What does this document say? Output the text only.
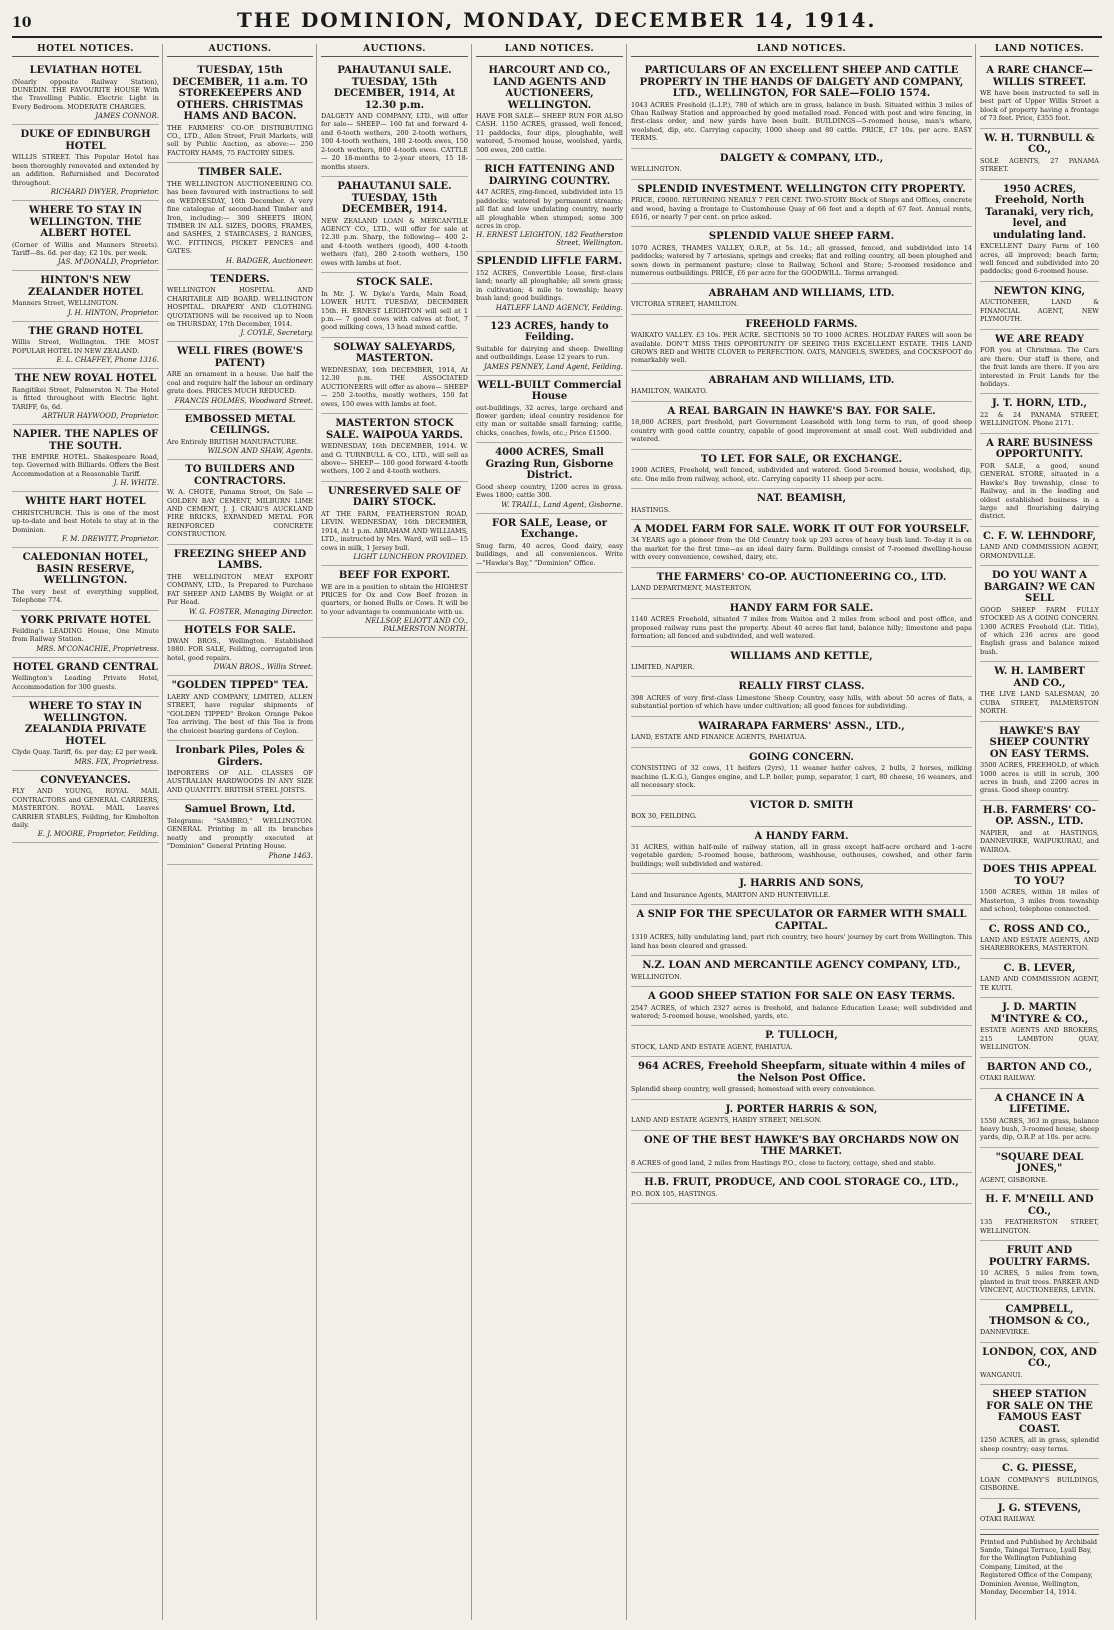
10	THE DOMINION, MONDAY, DECEMBER 14, 1914.
HOTEL NOTICES.
LEVIATHAN HOTEL

(Nearly opposite Railway Station), DUNEDIN. THE FAVOURITE HOUSE With the Travelling Public. Electric Light in Every Bedroom. MODERATE CHARGES.

JAMES CONNOR.
DUKE OF EDINBURGH HOTEL

WILLIS STREET. This Popular Hotel has been thoroughly renovated and extended by an addition. Refurnished and Decorated throughout.

RICHARD DWYER, Proprietor.
WHERE TO STAY IN WELLINGTON. THE ALBERT HOTEL

(Corner of Willis and Manners Streets). Tariff—8s. 6d. per day; £2 10s. per week.

JAS. M'DONALD, Proprietor.
HINTON'S NEW ZEALANDER HOTEL

Manners Street, WELLINGTON.

J. H. HINTON, Proprietor.
THE GRAND HOTEL

Willis Street, Wellington. THE MOST POPULAR HOTEL IN NEW ZEALAND.

E. L. CHAFFEY, Phone 1316.
THE NEW ROYAL HOTEL

Rangitikei Street, Palmerston N. The Hotel is fitted throughout with Electric light. TARIFF, 6s, 6d.

ARTHUR HAYWOOD, Proprietor.
NAPIER. THE NAPLES OF THE SOUTH.

THE EMPIRE HOTEL. Shakespeare Road, top. Governed with Billiards. Offers the Best Accommodation at a Reasonable Tariff.

J. H. WHITE.
WHITE HART HOTEL

CHRISTCHURCH. This is one of the most up-to-date and best Hotels to stay at in the Dominion.

F. M. DREWITT, Proprietor.
CALEDONIAN HOTEL, BASIN RESERVE, WELLINGTON.

The very best of everything supplied, Telephone 774.

YORK PRIVATE HOTEL

Feilding's LEADING House, One Minute from Railway Station.

MRS. M'CONACHIE, Proprietress.
HOTEL GRAND CENTRAL

Wellington's Leading Private Hotel, Accommodation for 300 guests.

WHERE TO STAY IN WELLINGTON. ZEALANDIA PRIVATE HOTEL

Clyde Quay. Tariff, 6s. per day; £2 per week.

MRS. FIX, Proprietress.
CONVEYANCES.

FLY AND YOUNG, ROYAL MAIL CONTRACTORS and GENERAL CARRIERS, MASTERTON. ROYAL MAIL Leaves CARRIER STABLES, Feilding, for Kimbolton daily.

E. J. MOORE, Proprietor, Feilding.
AUCTIONS.
TUESDAY, 15th DECEMBER, 11 a.m. TO STOREKEEPERS AND OTHERS. CHRISTMAS HAMS AND BACON.

THE FARMERS' CO-OP. DISTRIBUTING CO., LTD., Allen Street, Fruit Markets, will sell by Public Auction, as above:— 250 FACTORY HAMS, 75 FACTORY SIDES.

TIMBER SALE.

THE WELLINGTON AUCTIONEERING CO. has been favoured with instructions to sell on WEDNESDAY, 16th December. A very fine catalogue of second-hand Timber and Iron, including:— 300 SHEETS IRON, TIMBER IN ALL SIZES, DOORS, FRAMES, and SASHES, 2 STAIRCASES, 2 RANGES, W.C. FITTINGS, PICKET FENCES and GATES.

H. BADGER, Auctioneer.
TENDERS.

WELLINGTON HOSPITAL AND CHARITABLE AID BOARD. WELLINGTON HOSPITAL. DRAPERY AND CLOTHING. QUOTATIONS will be received up to Noon on THURSDAY, 17th December, 1914.

J. COYLE, Secretary.
WELL FIRES (BOWE'S PATENT)

ARE an ornament in a house. Use half the coal and require half the labour an ordinary grate does. PRICES MUCH REDUCED.

FRANCIS HOLMES, Woodward Street.
EMBOSSED METAL CEILINGS.

Are Entirely BRITISH MANUFACTURE.

WILSON AND SHAW, Agents.
TO BUILDERS AND CONTRACTORS.

W. A. CHOTE, Panama Street, On Sale — GOLDEN BAY CEMENT, MILBURN LIME AND CEMENT, J. J. CRAIG'S AUCKLAND FIRE BRICKS, EXPANDED METAL FOR REINFORCED CONCRETE CONSTRUCTION.

FREEZING SHEEP AND LAMBS.

THE WELLINGTON MEAT EXPORT COMPANY, LTD., Is Prepared to Purchase FAT SHEEP AND LAMBS By Weight or at Per Head.

W. G. FOSTER, Managing Director.
HOTELS FOR SALE.

DWAN BROS., Wellington. Established 1880. FOR SALE, Feilding, corrugated iron hotel, good repairs.

DWAN BROS., Willis Street.
"GOLDEN TIPPED" TEA.

LAERY AND COMPANY, LIMITED, ALLEN STREET, have regular shipments of "GOLDEN TIPPED" Broken Orange Pekoe Tea arriving. The best of this Tea is from the choicest bearing gardens of Ceylon.

Ironbark Piles, Poles & Girders.

IMPORTERS OF ALL CLASSES OF AUSTRALIAN HARDWOODS IN ANY SIZE AND QUANTITY. BRITISH STEEL JOISTS.

Samuel Brown, Ltd.

Telegrams: "SAMBRO," WELLINGTON. GENERAL Printing in all its branches neatly and promptly executed at "Dominion" General Printing House.

Phone 1463.
AUCTIONS.
PAHAUTANUI SALE. TUESDAY, 15th DECEMBER, 1914, At 12.30 p.m.

DALGETY AND COMPANY, LTD., will offer for sale— SHEEP— 160 fat and forward 4- and 6-tooth wethers, 200 2-tooth wethers, 100 4-tooth wethers, 180 2-tooth ewes, 150 2-tooth wethers, 800 4-tooth ewes. CATTLE— 20 18-months to 2-year steers, 15 18-months steers.

PAHAUTANUI SALE. TUESDAY, 15th DECEMBER, 1914.

NEW ZEALAND LOAN & MERCANTILE AGENCY CO., LTD., will offer for sale at 12.30 p.m. Sharp, the following— 400 2- and 4-tooth wethers (good), 400 4-tooth wethers (fat), 280 2-tooth wethers, 150 ewes with lambs at foot.

STOCK SALE.

In Mr. J. W. Dyke's Yards, Main Road, LOWER HUTT. TUESDAY, DECEMBER 15th. H. ERNEST LEIGHTON will sell at 1 p.m.— 7 good cows with calves at foot, 7 good milking cows, 13 head mixed cattle.

SOLWAY SALEYARDS, MASTERTON.

WEDNESDAY, 16th DECEMBER, 1914, At 12.30 p.m. THE ASSOCIATED AUCTIONEERS will offer as above— SHEEP— 250 2-tooths, mostly wethers, 150 fat ewes, 150 ewes with lambs at foot.

MASTERTON STOCK SALE. WAIPOUA YARDS.

WEDNESDAY, 16th DECEMBER, 1914. W. and G. TURNBULL & CO., LTD., will sell as above— SHEEP— 100 good forward 4-tooth wethers, 100 2 and 4-tooth wethers.

UNRESERVED SALE OF DAIRY STOCK.

AT THE FARM, FEATHERSTON ROAD, LEVIN. WEDNESDAY, 16th DECEMBER, 1914, At 1 p.m. ABRAHAM AND WILLIAMS, LTD., instructed by Mrs. Ward, will sell— 15 cows in milk, 1 Jersey bull.

LIGHT LUNCHEON PROVIDED.
BEEF FOR EXPORT.

WE are in a position to obtain the HIGHEST PRICES for Ox and Cow Beef frozen in quarters, or boned Bulls or Cows. It will be to your advantage to communicate with us.

NELLSOP, ELIOTT AND CO., PALMERSTON NORTH.
LAND NOTICES.
HARCOURT AND CO., LAND AGENTS AND AUCTIONEERS, WELLINGTON.

HAVE FOR SALE— SHEEP RUN FOR ALSO CASH. 1150 ACRES, grassed, well fenced, 11 paddocks, four dips, ploughable, well watered, 5-roomed house, woolshed, yards, 500 ewes, 200 cattle.

RICH FATTENING AND DAIRYING COUNTRY.

447 ACRES, ring-fenced, subdivided into 15 paddocks; watered by permanent streams; all flat and low undulating country, nearly all ploughable when stumped; some 300 acres in crop.

H. ERNEST LEIGHTON, 182 Featherston Street, Wellington.
SPLENDID LIFFLE FARM.

152 ACRES, Convertible Lease, first-class land; nearly all ploughable; all sown grass; in cultivation; 4 mile to township; heavy bush land; good buildings.

HATLEFF LAND AGENCY, Feilding.
123 ACRES, handy to Feilding.

Suitable for dairying and sheep. Dwelling and outbuildings. Lease 12 years to run.

JAMES PENNEY, Land Agent, Feilding.
WELL-BUILT Commercial House

out-buildings, 32 acres, large orchard and flower garden; ideal country residence for city man or suitable small farming; cattle, chicks, coaches, fowls, etc.; Price £1500.

4000 ACRES, Small Grazing Run, Gisborne District.

Good sheep country, 1200 acres in grass. Ewes 1800; cattle 300.

W. TRAILL, Land Agent, Gisborne.
FOR SALE, Lease, or Exchange.

Snug farm, 40 acres, Good dairy, easy buildings, and all conveniences. Write—"Hawke's Bay," "Dominion" Office.

LAND NOTICES.
PARTICULARS OF AN EXCELLENT SHEEP AND CATTLE PROPERTY IN THE HANDS OF DALGETY AND COMPANY, LTD., WELLINGTON, FOR SALE—FOLIO 1574.

1043 ACRES Freehold (L.I.P.), 780 of which are in grass, balance in bush. Situated within 3 miles of Ohau Railway Station and approached by good metalled road. Fenced with post and wire fencing, in first-class order, and new yards have been built. BUILDINGS—5-roomed house, man's whare, woolshed, dip, etc. Carrying capacity, 1000 sheep and 80 cattle. PRICE, £7 10s. per acre. EASY TERMS.

DALGETY & COMPANY, LTD.,

WELLINGTON.

SPLENDID INVESTMENT. WELLINGTON CITY PROPERTY.

PRICE, £9000. RETURNING NEARLY 7 PER CENT. TWO-STORY Block of Shops and Offices, concrete and wood, having a frontage to Customhouse Quay of 66 feet and a depth of 67 feet. Annual rents, £616, or nearly 7 per cent. on price asked.

SPLENDID VALUE SHEEP FARM.

1070 ACRES, THAMES VALLEY, O.R.P., at 5s. 1d.; all grassed, fenced, and subdivided into 14 paddocks; watered by 7 artesians, springs and creeks; flat and rolling country, all been ploughed and sown down in permanent pasture; close to Railway, School and Store; 5-roomed residence and numerous outbuildings. PRICE, £6 per acre for the GOODWILL. Terms arranged.

ABRAHAM AND WILLIAMS, LTD.

VICTORIA STREET, HAMILTON.

FREEHOLD FARMS.

WAIKATO VALLEY. £3 10s. PER ACRE. SECTIONS 50 TO 1000 ACRES. HOLIDAY FARES will soon be available. DON'T MISS THIS OPPORTUNITY OF SEEING THIS EXCELLENT ESTATE. THIS LAND GROWS RED and WHITE CLOVER to PERFECTION. OATS, MANGELS, SWEDES, and COCKSFOOT do remarkably well.

ABRAHAM AND WILLIAMS, LTD.

HAMILTON, WAIKATO.

A REAL BARGAIN IN HAWKE'S BAY. FOR SALE.

18,000 ACRES, part freehold, part Government Leasehold with long term to run, of good sheep country with good cattle country, capable of good improvement at small cost. Well subdivided and watered.

TO LET. FOR SALE, OR EXCHANGE.

1900 ACRES, Freehold, well fenced, subdivided and watered. Good 5-roomed house, woolshed, dip, etc. One mile from railway, school, etc. Carrying capacity 11 sheep per acre.

NAT. BEAMISH,

HASTINGS.

A MODEL FARM FOR SALE. WORK IT OUT FOR YOURSELF.

34 YEARS ago a pioneer from the Old Country took up 293 acres of heavy bush land. To-day it is on the market for the first time—as an ideal dairy farm. Buildings consist of 7-roomed dwelling-house with every convenience, cowshed, dairy, etc.

THE FARMERS' CO-OP. AUCTIONEERING CO., LTD.

LAND DEPARTMENT, MASTERTON.

HANDY FARM FOR SALE.

1140 ACRES Freehold, situated 7 miles from Waitoa and 2 miles from school and post office, and proposed railway runs past the property. About 40 acres flat land, balance hilly; limestone and papa formation; all fenced and subdivided, and well watered.

WILLIAMS AND KETTLE,

LIMITED, NAPIER.

REALLY FIRST CLASS.

398 ACRES of very first-class Limestone Sheep Country, easy hills, with about 50 acres of flats, a substantial portion of which have under cultivation; all good fences for subdividing.

WAIRARAPA FARMERS' ASSN., LTD.,

LAND, ESTATE AND FINANCE AGENTS, PAHIATUA.

GOING CONCERN.

CONSISTING of 32 cows, 11 heifers (2yrs), 11 weaner heifer calves, 2 bulls, 2 horses, milking machine (L.K.G.), Ganges engine, and L.P. boiler, pump, separator, 1 cart, 80 cheese, 16 weaners, and all necessary stock.

VICTOR D. SMITH

BOX 30, FEILDING.

A HANDY FARM.

31 ACRES, within half-mile of railway station, all in grass except half-acre orchard and 1-acre vegetable garden; 5-roomed house, bathroom, washhouse, outhouses, cowshed, and other farm buildings; well subdivided and watered.

J. HARRIS AND SONS,

Land and Insurance Agents, MARTON AND HUNTERVILLE.

A SNIP FOR THE SPECULATOR OR FARMER WITH SMALL CAPITAL.

1310 ACRES, hilly undulating land, part rich country, two hours' journey by cart from Wellington. This land has been cleared and grassed.

N.Z. LOAN AND MERCANTILE AGENCY COMPANY, LTD.,

WELLINGTON.

A GOOD SHEEP STATION FOR SALE ON EASY TERMS.

2547 ACRES, of which 2327 acres is freehold, and balance Education Lease; well subdivided and watered; 5-roomed house, woolshed, yards, etc.

P. TULLOCH,

STOCK, LAND AND ESTATE AGENT, PAHIATUA.

964 ACRES, Freehold Sheepfarm, situate within 4 miles of the Nelson Post Office.

Splendid sheep country, well grassed; homestead with every convenience.

J. PORTER HARRIS & SON,

LAND AND ESTATE AGENTS, HARDY STREET, NELSON.

ONE OF THE BEST HAWKE'S BAY ORCHARDS NOW ON THE MARKET.

8 ACRES of good land, 2 miles from Hastings P.O., close to factory, cottage, shed and stable.

H.B. FRUIT, PRODUCE, AND COOL STORAGE CO., LTD.,

P.O. BOX 105, HASTINGS.

LAND NOTICES.
A RARE CHANCE—WILLIS STREET.

WE have been instructed to sell in best part of Upper Willis Street a block of property having a frontage of 73 feet. Price, £355 foot.

W. H. TURNBULL & CO.,

SOLE AGENTS, 27 PANAMA STREET.

1950 ACRES, Freehold, North Taranaki, very rich, level, and undulating land.

EXCELLENT Dairy Farm of 160 acres, all improved; beach farm; well fenced and subdivided into 20 paddocks; good 6-roomed house.

NEWTON KING,

AUCTIONEER, LAND & FINANCIAL AGENT, NEW PLYMOUTH.

WE ARE READY

FOR you at Christmas. The Cars are there. Our staff is there, and the fruit lands are there. If you are interested in Fruit Lands for the holidays.

J. T. HORN, LTD.,

22 & 24 PANAMA STREET, WELLINGTON. Phone 2171.

A RARE BUSINESS OPPORTUNITY.

FOR SALE, a good, sound GENERAL STORE, situated in a Hawke's Bay township, close to Railway, and in the leading and oldest established business in a large and flourishing dairying district.

C. F. W. LEHNDORF,

LAND AND COMMISSION AGENT, ORMONDVILLE.

DO YOU WANT A BARGAIN? WE CAN SELL

GOOD SHEEP FARM FULLY STOCKED AS A GOING CONCERN. 1300 ACRES Freehold (Lit. Title), of which 236 acres are good English grass and balance mixed bush.

W. H. LAMBERT AND CO.,

THE LIVE LAND SALESMAN, 20 CUBA STREET, PALMERSTON NORTH.

HAWKE'S BAY SHEEP COUNTRY ON EASY TERMS.

3500 ACRES, FREEHOLD, of which 1000 acres is still in scrub, 300 acres in bush, and 2200 acres in grass. Good sheep country.

H.B. FARMERS' CO-OP. ASSN., LTD.

NAPIER, and at HASTINGS, DANNEVIRKE, WAIPUKURAU, and WAIROA.

DOES THIS APPEAL TO YOU?

1500 ACRES, within 18 miles of Masterton, 3 miles from township and school, telephone connected.

C. ROSS AND CO.,

LAND AND ESTATE AGENTS, AND SHAREBROKERS, MASTERTON.

C. B. LEVER,

LAND AND COMMISSION AGENT, TE KUITI.

J. D. MARTIN M'INTYRE & CO.,

ESTATE AGENTS AND BROKERS, 215 LAMBTON QUAY, WELLINGTON.

BARTON AND CO.,

OTAKI RAILWAY.

A CHANCE IN A LIFETIME.

1550 ACRES, 363 in grass, balance heavy bush, 3-roomed house, sheep yards, dip, O.R.P. at 10s. per acre.

"SQUARE DEAL JONES,"

AGENT, GISBORNE.

H. F. M'NEILL AND CO.,

135 FEATHERSTON STREET, WELLINGTON.

FRUIT AND POULTRY FARMS.

10 ACRES, 5 miles from town, planted in fruit trees. PARKER AND VINCENT, AUCTIONEERS, LEVIN.

CAMPBELL, THOMSON & CO.,

DANNEVIRKE.

LONDON, COX, AND CO.,

WANGANUI.

SHEEP STATION FOR SALE ON THE FAMOUS EAST COAST.

1250 ACRES, all in grass, splendid sheep country; easy terms.

C. G. PIESSE,

LOAN COMPANY'S BUILDINGS, GISBORNE.

J. G. STEVENS,

OTAKI RAILWAY.

Printed and Published by Archibald Sando, Taingai Terrace, Lyall Bay, for the Wellington Publishing Company, Limited, at the Registered Office of the Company, Dominion Avenue, Wellington, Monday, December 14, 1914.
